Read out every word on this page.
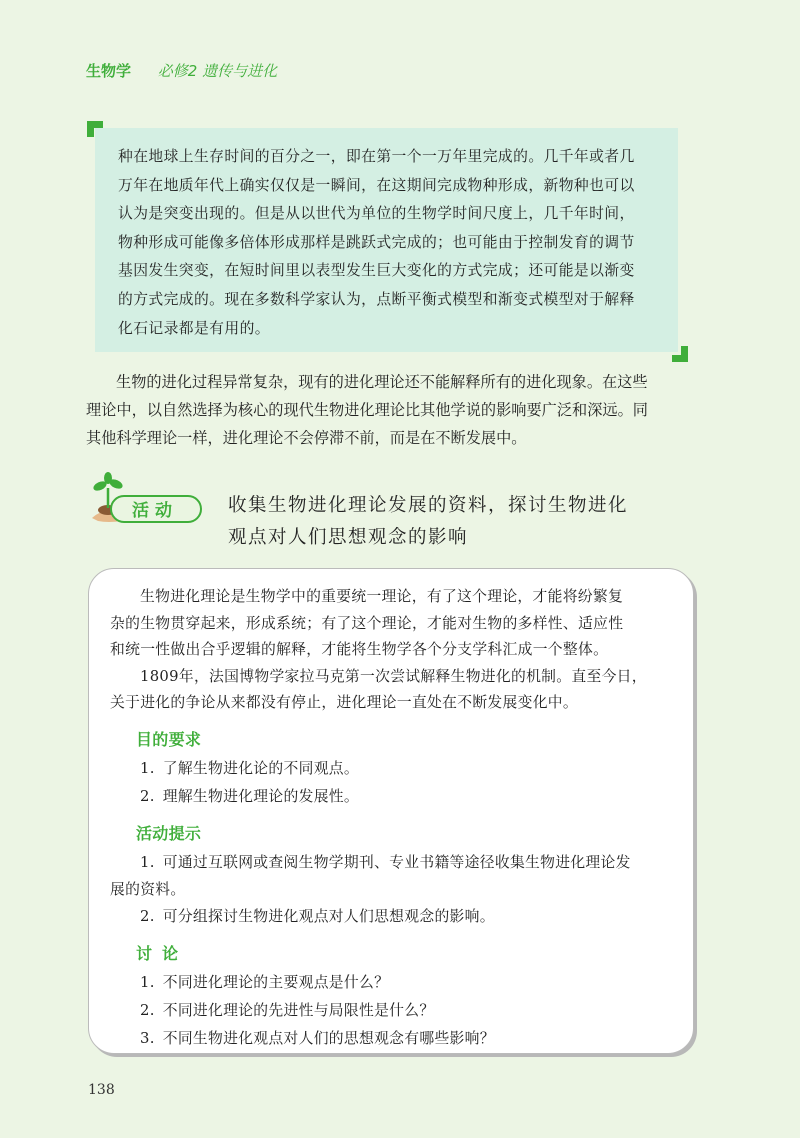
生物学 必修2 遗传与进化
种在地球上生存时间的百分之一，即在第一个一万年里完成的。几千年或者几
万年在地质年代上确实仅仅是一瞬间，在这期间完成物种形成，新物种也可以
认为是突变出现的。但是从以世代为单位的生物学时间尺度上，几千年时间，
物种形成可能像多倍体形成那样是跳跃式完成的；也可能由于控制发育的调节
基因发生突变，在短时间里以表型发生巨大变化的方式完成；还可能是以渐变
的方式完成的。现在多数科学家认为，点断平衡式模型和渐变式模型对于解释
化石记录都是有用的。
生物的进化过程异常复杂，现有的进化理论还不能解释所有的进化现象。在这些
理论中，以自然选择为核心的现代生物进化理论比其他学说的影响要广泛和深远。同
其他科学理论一样，进化理论不会停滞不前，而是在不断发展中。
活动	收集生物进化理论发展的资料，探讨生物进化
观点对人们思想观念的影响
生物进化理论是生物学中的重要统一理论，有了这个理论，才能将纷繁复
杂的生物贯穿起来，形成系统；有了这个理论，才能对生物的多样性、适应性
和统一性做出合乎逻辑的解释，才能将生物学各个分支学科汇成一个整体。
1809年，法国博物学家拉马克第一次尝试解释生物进化的机制。直至今日，
关于进化的争论从来都没有停止，进化理论一直处在不断发展变化中。
目的要求
1. 了解生物进化论的不同观点。
2. 理解生物进化理论的发展性。
活动提示
1. 可通过互联网或查阅生物学期刊、专业书籍等途径收集生物进化理论发
展的资料。
2. 可分组探讨生物进化观点对人们思想观念的影响。
讨论
1. 不同进化理论的主要观点是什么？
2. 不同进化理论的先进性与局限性是什么？
3. 不同生物进化观点对人们的思想观念有哪些影响？
138
